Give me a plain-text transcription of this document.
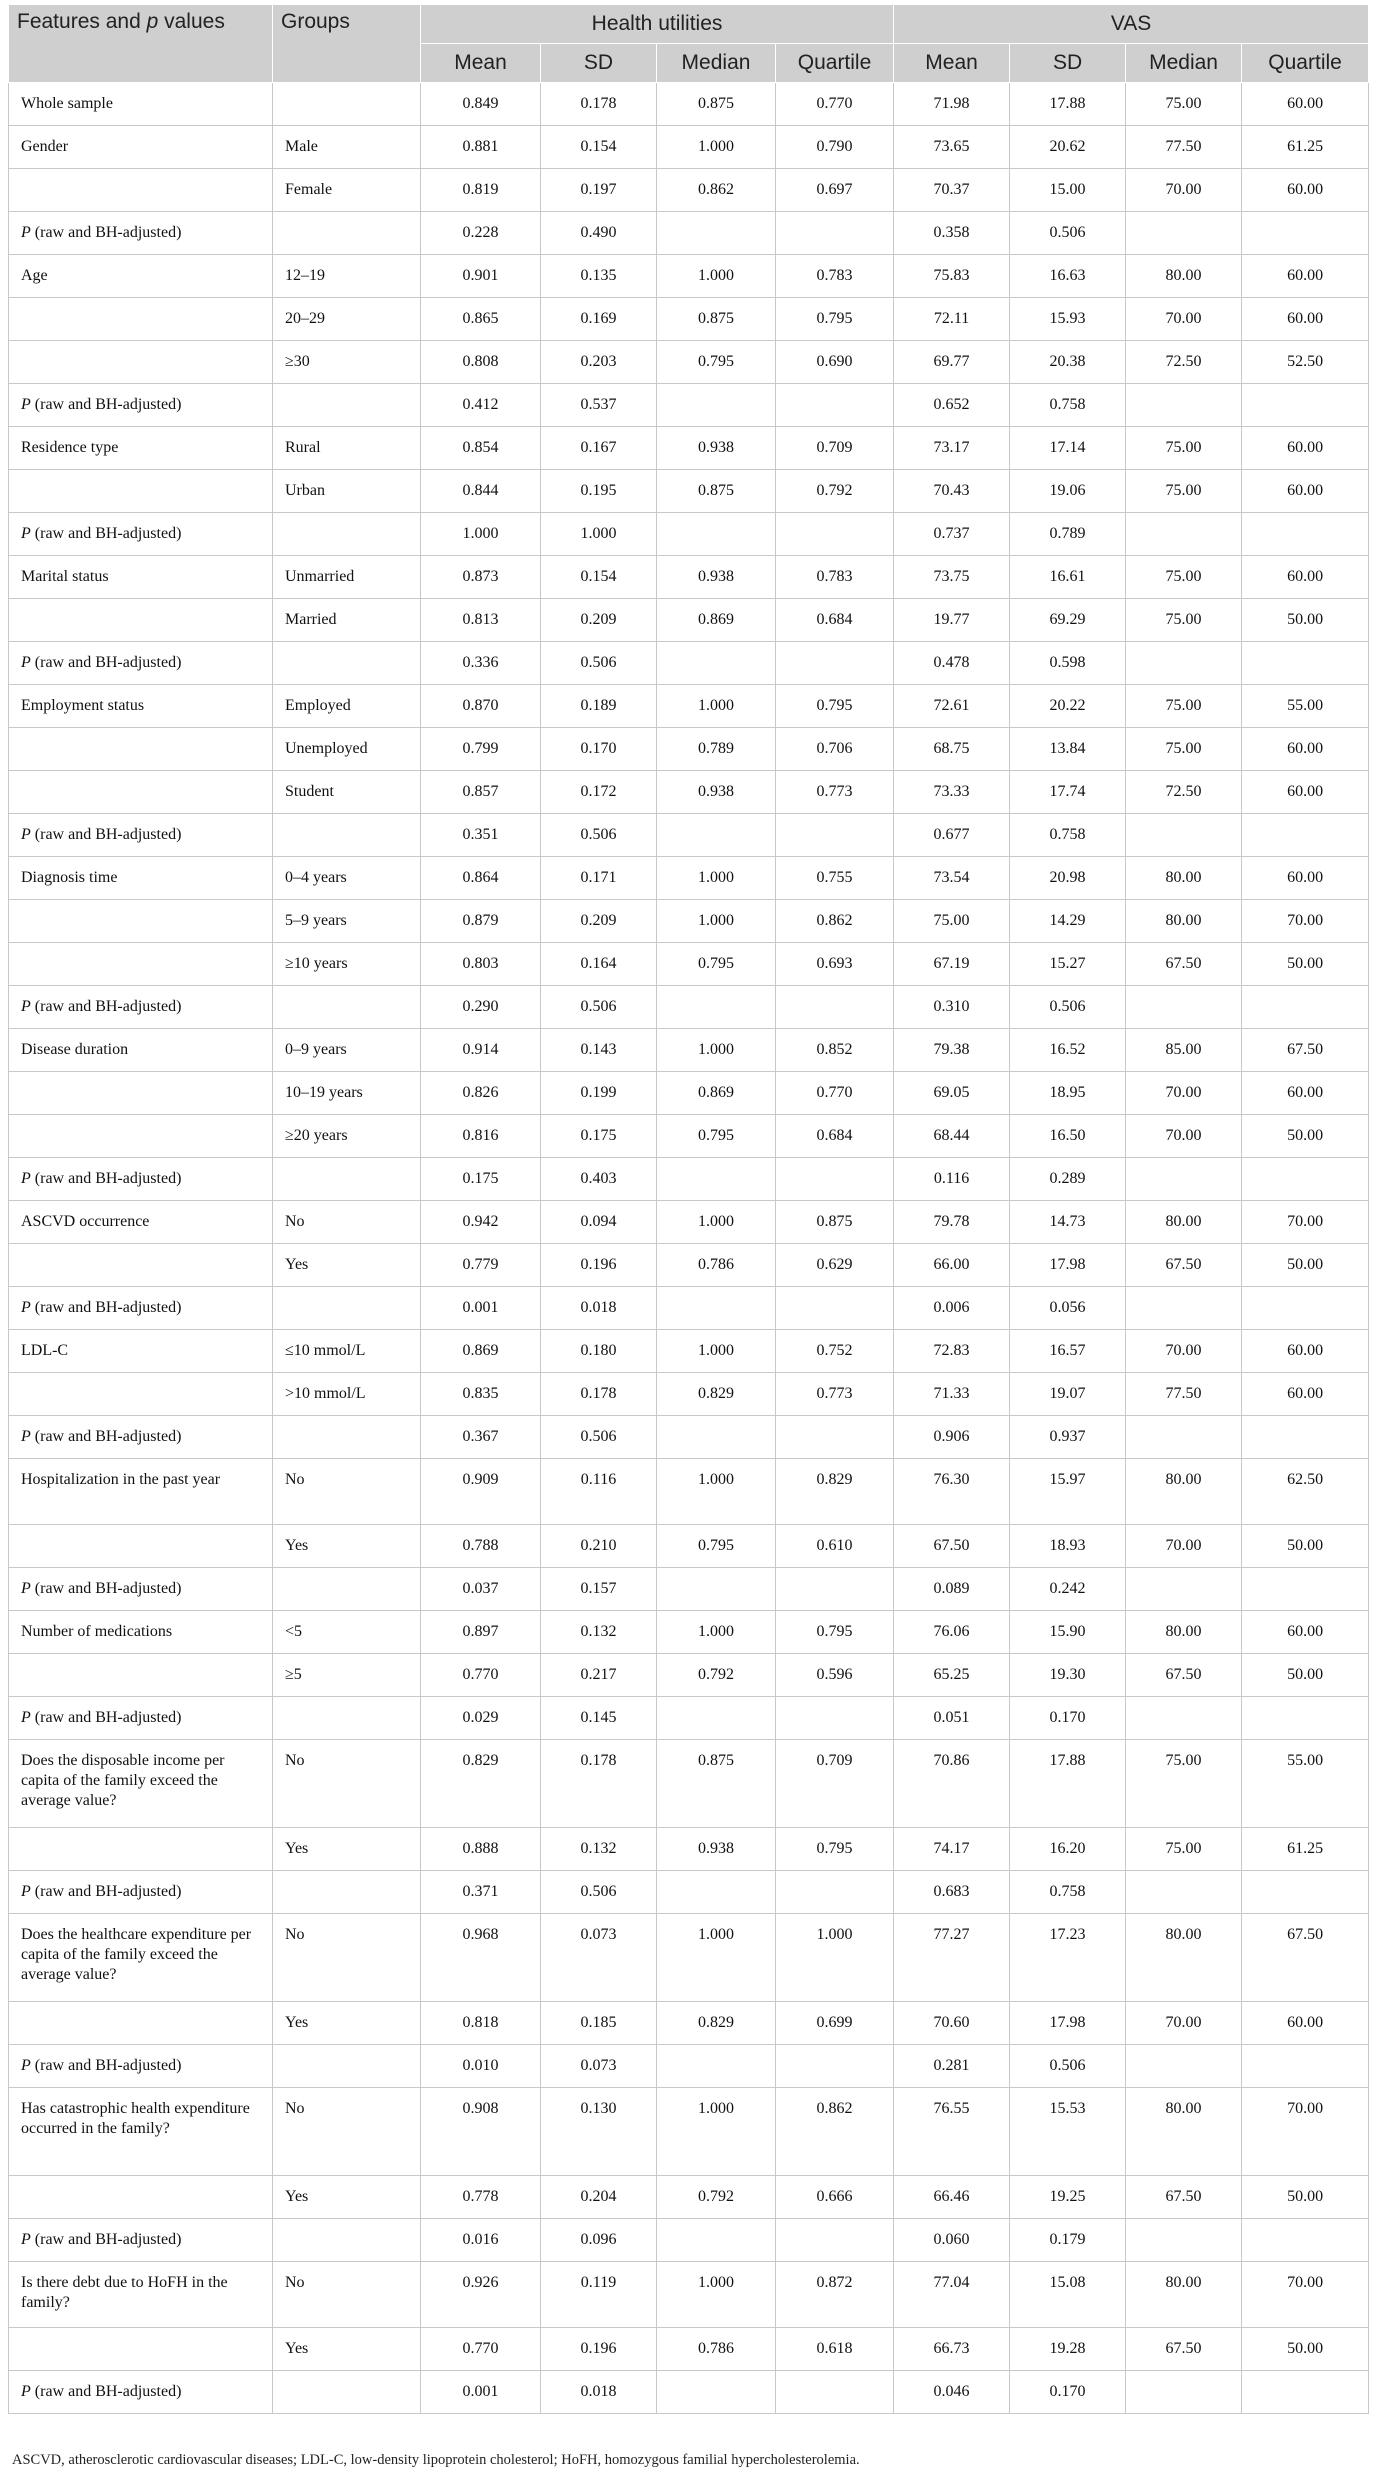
Features and p values	Groups	Health utilities				VAS			
		Mean	SD	Median	Quartile	Mean	SD	Median	Quartile
Whole sample		0.849	0.178	0.875	0.770	71.98	17.88	75.00	60.00
Gender	Male	0.881	0.154	1.000	0.790	73.65	20.62	77.50	61.25
	Female	0.819	0.197	0.862	0.697	70.37	15.00	70.00	60.00
P (raw and BH-adjusted)		0.228	0.490			0.358	0.506		
Age	12–19	0.901	0.135	1.000	0.783	75.83	16.63	80.00	60.00
	20–29	0.865	0.169	0.875	0.795	72.11	15.93	70.00	60.00
	≥30	0.808	0.203	0.795	0.690	69.77	20.38	72.50	52.50
P (raw and BH-adjusted)		0.412	0.537			0.652	0.758		
Residence type	Rural	0.854	0.167	0.938	0.709	73.17	17.14	75.00	60.00
	Urban	0.844	0.195	0.875	0.792	70.43	19.06	75.00	60.00
P (raw and BH-adjusted)		1.000	1.000			0.737	0.789		
Marital status	Unmarried	0.873	0.154	0.938	0.783	73.75	16.61	75.00	60.00
	Married	0.813	0.209	0.869	0.684	19.77	69.29	75.00	50.00
P (raw and BH-adjusted)		0.336	0.506			0.478	0.598		
Employment status	Employed	0.870	0.189	1.000	0.795	72.61	20.22	75.00	55.00
	Unemployed	0.799	0.170	0.789	0.706	68.75	13.84	75.00	60.00
	Student	0.857	0.172	0.938	0.773	73.33	17.74	72.50	60.00
P (raw and BH-adjusted)		0.351	0.506			0.677	0.758		
Diagnosis time	0–4 years	0.864	0.171	1.000	0.755	73.54	20.98	80.00	60.00
	5–9 years	0.879	0.209	1.000	0.862	75.00	14.29	80.00	70.00
	≥10 years	0.803	0.164	0.795	0.693	67.19	15.27	67.50	50.00
P (raw and BH-adjusted)		0.290	0.506			0.310	0.506		
Disease duration	0–9 years	0.914	0.143	1.000	0.852	79.38	16.52	85.00	67.50
	10–19 years	0.826	0.199	0.869	0.770	69.05	18.95	70.00	60.00
	≥20 years	0.816	0.175	0.795	0.684	68.44	16.50	70.00	50.00
P (raw and BH-adjusted)		0.175	0.403			0.116	0.289		
ASCVD occurrence	No	0.942	0.094	1.000	0.875	79.78	14.73	80.00	70.00
	Yes	0.779	0.196	0.786	0.629	66.00	17.98	67.50	50.00
P (raw and BH-adjusted)		0.001	0.018			0.006	0.056		
LDL-C	≤10 mmol/L	0.869	0.180	1.000	0.752	72.83	16.57	70.00	60.00
	>10 mmol/L	0.835	0.178	0.829	0.773	71.33	19.07	77.50	60.00
P (raw and BH-adjusted)		0.367	0.506			0.906	0.937		
Hospitalization in the past year	No	0.909	0.116	1.000	0.829	76.30	15.97	80.00	62.50
	Yes	0.788	0.210	0.795	0.610	67.50	18.93	70.00	50.00
P (raw and BH-adjusted)		0.037	0.157			0.089	0.242		
Number of medications	<5	0.897	0.132	1.000	0.795	76.06	15.90	80.00	60.00
	≥5	0.770	0.217	0.792	0.596	65.25	19.30	67.50	50.00
P (raw and BH-adjusted)		0.029	0.145			0.051	0.170		
Does the disposable income per capita of the family exceed the average value?	No	0.829	0.178	0.875	0.709	70.86	17.88	75.00	55.00
	Yes	0.888	0.132	0.938	0.795	74.17	16.20	75.00	61.25
P (raw and BH-adjusted)		0.371	0.506			0.683	0.758		
Does the healthcare expenditure per capita of the family exceed the average value?	No	0.968	0.073	1.000	1.000	77.27	17.23	80.00	67.50
	Yes	0.818	0.185	0.829	0.699	70.60	17.98	70.00	60.00
P (raw and BH-adjusted)		0.010	0.073			0.281	0.506		
Has catastrophic health expenditure occurred in the family?	No	0.908	0.130	1.000	0.862	76.55	15.53	80.00	70.00
	Yes	0.778	0.204	0.792	0.666	66.46	19.25	67.50	50.00
P (raw and BH-adjusted)		0.016	0.096			0.060	0.179		
Is there debt due to HoFH in the family?	No	0.926	0.119	1.000	0.872	77.04	15.08	80.00	70.00
	Yes	0.770	0.196	0.786	0.618	66.73	19.28	67.50	50.00
P (raw and BH-adjusted)		0.001	0.018			0.046	0.170		
ASCVD, atherosclerotic cardiovascular diseases; LDL-C, low-density lipoprotein cholesterol; HoFH, homozygous familial hypercholesterolemia.
